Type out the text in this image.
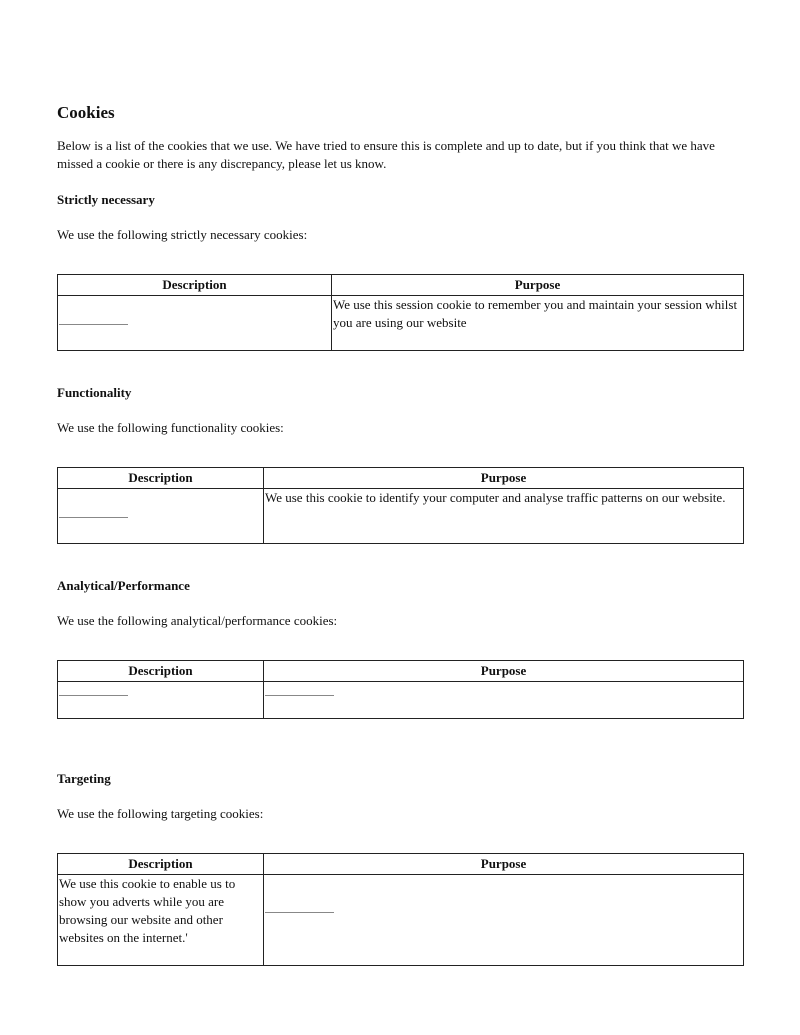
Cookies

Below is a list of the cookies that we use. We have tried to ensure this is complete and up to date, but if you think that we have missed a cookie or there is any discrepancy, please let us know.

Strictly necessary

We use the following strictly necessary cookies:

Description	Purpose
	We use this session cookie to remember you and maintain your session whilst you are using our website
Functionality

We use the following functionality cookies:

Description	Purpose
	We use this cookie to identify your computer and analyse traffic patterns on our website.
Analytical/Performance

We use the following analytical/performance cookies:

Description	Purpose

Targeting

We use the following targeting cookies:

Description	Purpose
We use this cookie to enable us to show you adverts while you are browsing our website and other websites on the internet.'	
